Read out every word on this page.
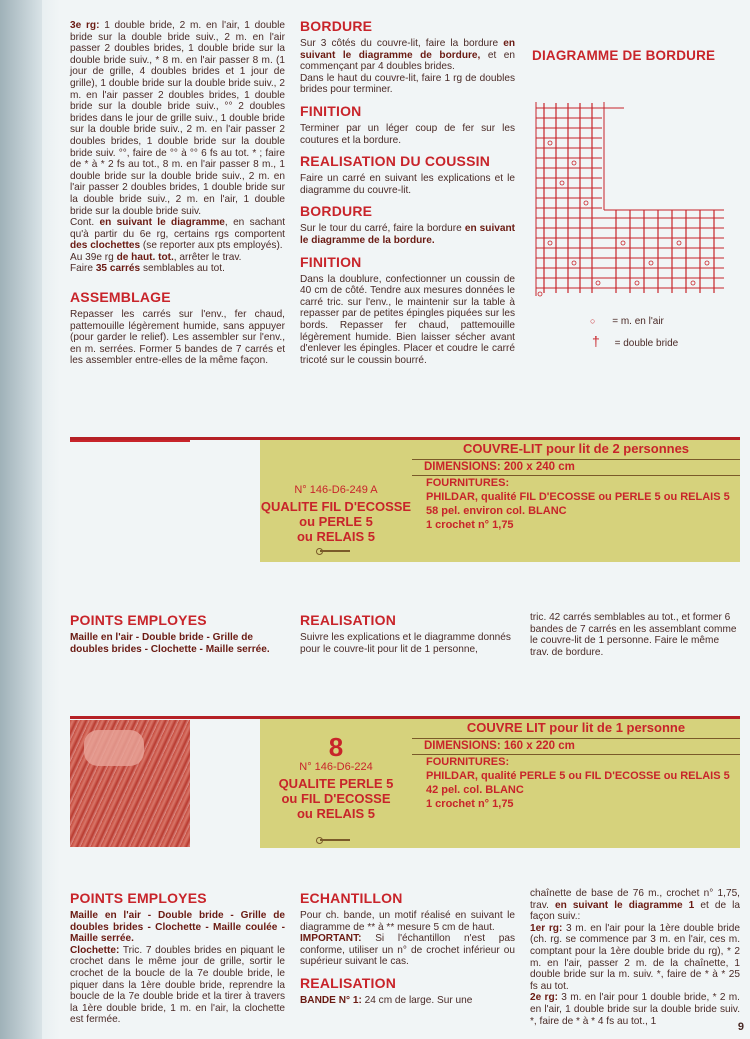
3e rg: 1 double bride, 2 m. en l'air, 1 double bride sur la double bride suiv., 2 m. en l'air passer 2 doubles brides, 1 double bride sur la double bride suiv., * 8 m. en l'air passer 8 m. (1 jour de grille, 4 doubles brides et 1 jour de grille), 1 double bride sur la double bride suiv., 2 m. en l'air passer 2 doubles brides, 1 double bride sur la double bride suiv., °° 2 doubles brides dans le jour de grille suiv., 1 double bride sur la double bride suiv., 2 m. en l'air passer 2 doubles brides, 1 double bride sur la double bride suiv. °°, faire de °° à °° 6 fs au tot. * ; faire de * à * 2 fs au tot., 8 m. en l'air passer 8 m., 1 double bride sur la double bride suiv., 2 m. en l'air passer 2 doubles brides, 1 double bride sur la double bride suiv., 2 m. en l'air, 1 double bride sur la double bride suiv.

Cont. en suivant le diagramme, en sachant qu'à partir du 6e rg, certains rgs comportent des clochettes (se reporter aux pts employés).

Au 39e rg de haut. tot., arrêter le trav.

Faire 35 carrés semblables au tot.

ASSEMBLAGE

Repasser les carrés sur l'env., fer chaud, pattemouille légèrement humide, sans appuyer (pour garder le relief). Les assembler sur l'env., en m. serrées. Former 5 bandes de 7 carrés et les assembler entre-elles de la même façon.

BORDURE

Sur 3 côtés du couvre-lit, faire la bordure en suivant le diagramme de bordure, et en commençant par 4 doubles brides.

Dans le haut du couvre-lit, faire 1 rg de doubles brides pour terminer.

FINITION

Terminer par un léger coup de fer sur les coutures et la bordure.

REALISATION DU COUSSIN

Faire un carré en suivant les explications et le diagramme du couvre-lit.

BORDURE

Sur le tour du carré, faire la bordure en suivant le diagramme de la bordure.

FINITION

Dans la doublure, confectionner un coussin de 40 cm de côté. Tendre aux mesures données le carré tric. sur l'env., le maintenir sur la table à repasser par de petites épingles piquées sur les bords. Repasser fer chaud, pattemouille légèrement humide. Bien laisser sécher avant d'enlever les épingles. Placer et coudre le carré tricoté sur le coussin bourré.

DIAGRAMME DE BORDURE
○ = m. en l'air
† = double bride
N° 146-D6-249 A
QUALITE FIL D'ECOSSE
ou PERLE 5
ou RELAIS 5
COUVRE-LIT pour lit de 2 personnes
DIMENSIONS: 200 x 240 cm
FOURNITURES:
PHILDAR, qualité FIL D'ECOSSE ou PERLE 5 ou RELAIS 5
58 pel. environ col. BLANC
1 crochet n° 1,75
POINTS EMPLOYES

Maille en l'air - Double bride - Grille de doubles brides - Clochette - Maille serrée.

REALISATION

Suivre les explications et le diagramme donnés pour le couvre-lit pour lit de 1 personne,

tric. 42 carrés semblables au tot., et former 6 bandes de 7 carrés en les assemblant comme le couvre-lit de 1 personne. Faire le même trav. de bordure.

8
N° 146-D6-224
QUALITE PERLE 5
ou FIL D'ECOSSE
ou RELAIS 5
COUVRE LIT pour lit de 1 personne
DIMENSIONS: 160 x 220 cm
FOURNITURES:
PHILDAR, qualité PERLE 5 ou FIL D'ECOSSE ou RELAIS 5
42 pel. col. BLANC
1 crochet n° 1,75
POINTS EMPLOYES

Maille en l'air - Double bride - Grille de doubles brides - Clochette - Maille coulée - Maille serrée.

Clochette: Tric. 7 doubles brides en piquant le crochet dans le même jour de grille, sortir le crochet de la boucle de la 7e double bride, le piquer dans la 1ère double bride, reprendre la boucle de la 7e double bride et la tirer à travers la 1ère double bride, 1 m. en l'air, la clochette est fermée.

ECHANTILLON

Pour ch. bande, un motif réalisé en suivant le diagramme de ** à ** mesure 5 cm de haut.

IMPORTANT: Si l'échantillon n'est pas conforme, utiliser un n° de crochet inférieur ou supérieur suivant le cas.

REALISATION

BANDE N° 1: 24 cm de large. Sur une

chaînette de base de 76 m., crochet n° 1,75, trav. en suivant le diagramme 1 et de la façon suiv.:

1er rg: 3 m. en l'air pour la 1ère double bride (ch. rg. se commence par 3 m. en l'air, ces m. comptant pour la 1ère double bride du rg), * 2 m. en l'air, passer 2 m. de la chaînette, 1 double bride sur la m. suiv. *, faire de * à * 25 fs au tot.

2e rg: 3 m. en l'air pour 1 double bride, * 2 m. en l'air, 1 double bride sur la double bride suiv. *, faire de * à * 4 fs au tot., 1	9
